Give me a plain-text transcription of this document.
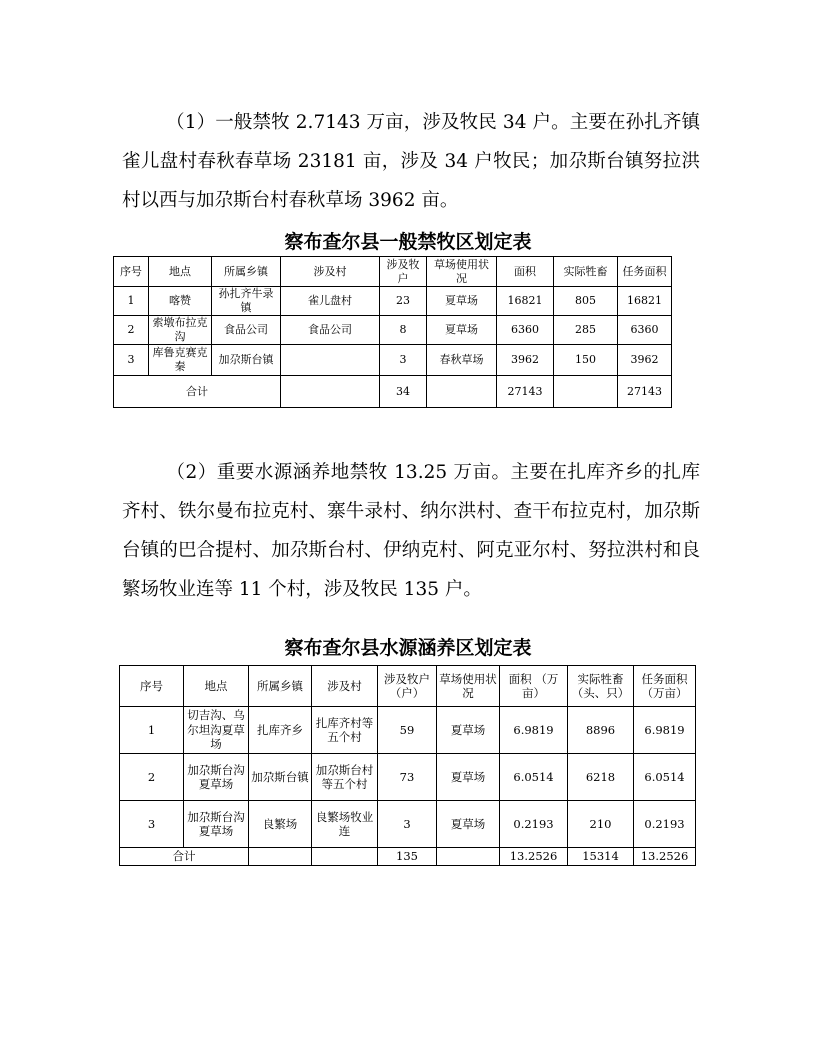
（1）一般禁牧 2.7143 万亩，涉及牧民 34 户。主要在孙扎齐镇雀儿盘村春秋春草场 23181 亩，涉及 34 户牧民；加尕斯台镇努拉洪村以西与加尕斯台村春秋草场 3962 亩。

察布查尔县一般禁牧区划定表
序号	地点	所属乡镇	涉及村	涉及牧户	草场使用状况	面积	实际牲畜	任务面积
1	喀赞	孙扎齐牛录镇	雀儿盘村	23	夏草场	16821	805	16821
2	索墩布拉克沟	食品公司	食品公司	8	夏草场	6360	285	6360
3	库鲁克赛克秦	加尕斯台镇		3	春秋草场	3962	150	3962
合计				34		27143		27143

（2）重要水源涵养地禁牧 13.25 万亩。主要在扎库齐乡的扎库齐村、铁尔曼布拉克村、寨牛录村、纳尔洪村、查干布拉克村，加尕斯台镇的巴合提村、加尕斯台村、伊纳克村、阿克亚尔村、努拉洪村和良繁场牧业连等 11 个村，涉及牧民 135 户。

察布查尔县水源涵养区划定表
序号	地点	所属乡镇	涉及村	涉及牧户（户）	草场使用状况	面积 （万亩）	实际牲畜（头、只）	任务面积（万亩）
1	切吉沟、乌尔坦沟夏草场	扎库齐乡	扎库齐村等五个村	59	夏草场	6.9819	8896	6.9819
2	加尕斯台沟夏草场	加尕斯台镇	加尕斯台村等五个村	73	夏草场	6.0514	6218	6.0514
3	加尕斯台沟夏草场	良繁场	良繁场牧业连	3	夏草场	0.2193	210	0.2193
合计				135		13.2526	15314	13.2526
